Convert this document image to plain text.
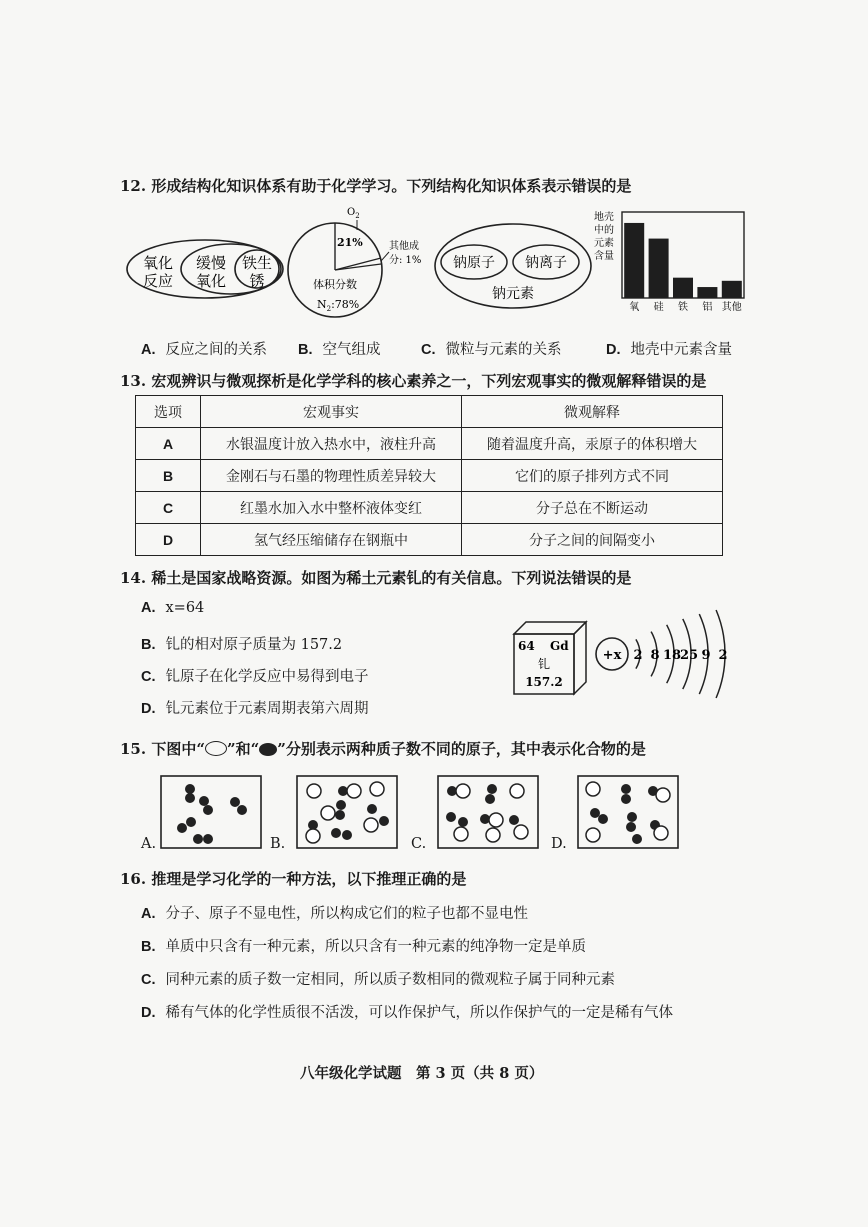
12. 形成结构化知识体系有助于化学学习。下列结构化知识体系表示错误的是
氧化
反应
缓慢
氧化
铁生
锈
$O_2$
21%	其他成
分: 1%
体积分数
$N_2:78\%$
钠原子 钠离子
钠元素
地壳
中的
元素
含量
氧 硅 铁 铝 其他
A. 反应之间的关系 B. 空气组成	C. 微粒与元素的关系	D. 地壳中元素含量
13. 宏观辨识与微观探析是化学学科的核心素养之一，下列宏观事实的微观解释错误的是
选项	宏观事实	微观解释
A	水银温度计放入热水中，液柱升高	随着温度升高，汞原子的体积增大
B	金刚石与石墨的物理性质差异较大	它们的原子排列方式不同
C	红墨水加入水中整杯液体变红	分子总在不断运动
D	氢气经压缩储存在钢瓶中	分子之间的间隔变小
14. 稀土是国家战略资源。如图为稀土元素钆的有关信息。下列说法错误的是
A. x=64
B. 钆的相对原子质量为 157.2
C. 钆原子在化学反应中易得到电子
D. 钆元素位于元素周期表第六周期
64 Gd
钆
157.2
+x 2 8 18
25 9 2
15. 下图中“ ”和“ ”分别表示两种质子数不同的原子，其中表示化合物的是
A.	B.	C.	D.
16. 推理是学习化学的一种方法，以下推理正确的是
A. 分子、原子不显电性，所以构成它们的粒子也都不显电性
B. 单质中只含有一种元素，所以只含有一种元素的纯净物一定是单质
C. 同种元素的质子数一定相同，所以质子数相同的微观粒子属于同种元素
D. 稀有气体的化学性质很不活泼，可以作保护气，所以作保护气的一定是稀有气体
八年级化学试题　第 3 页（共 8 页）
